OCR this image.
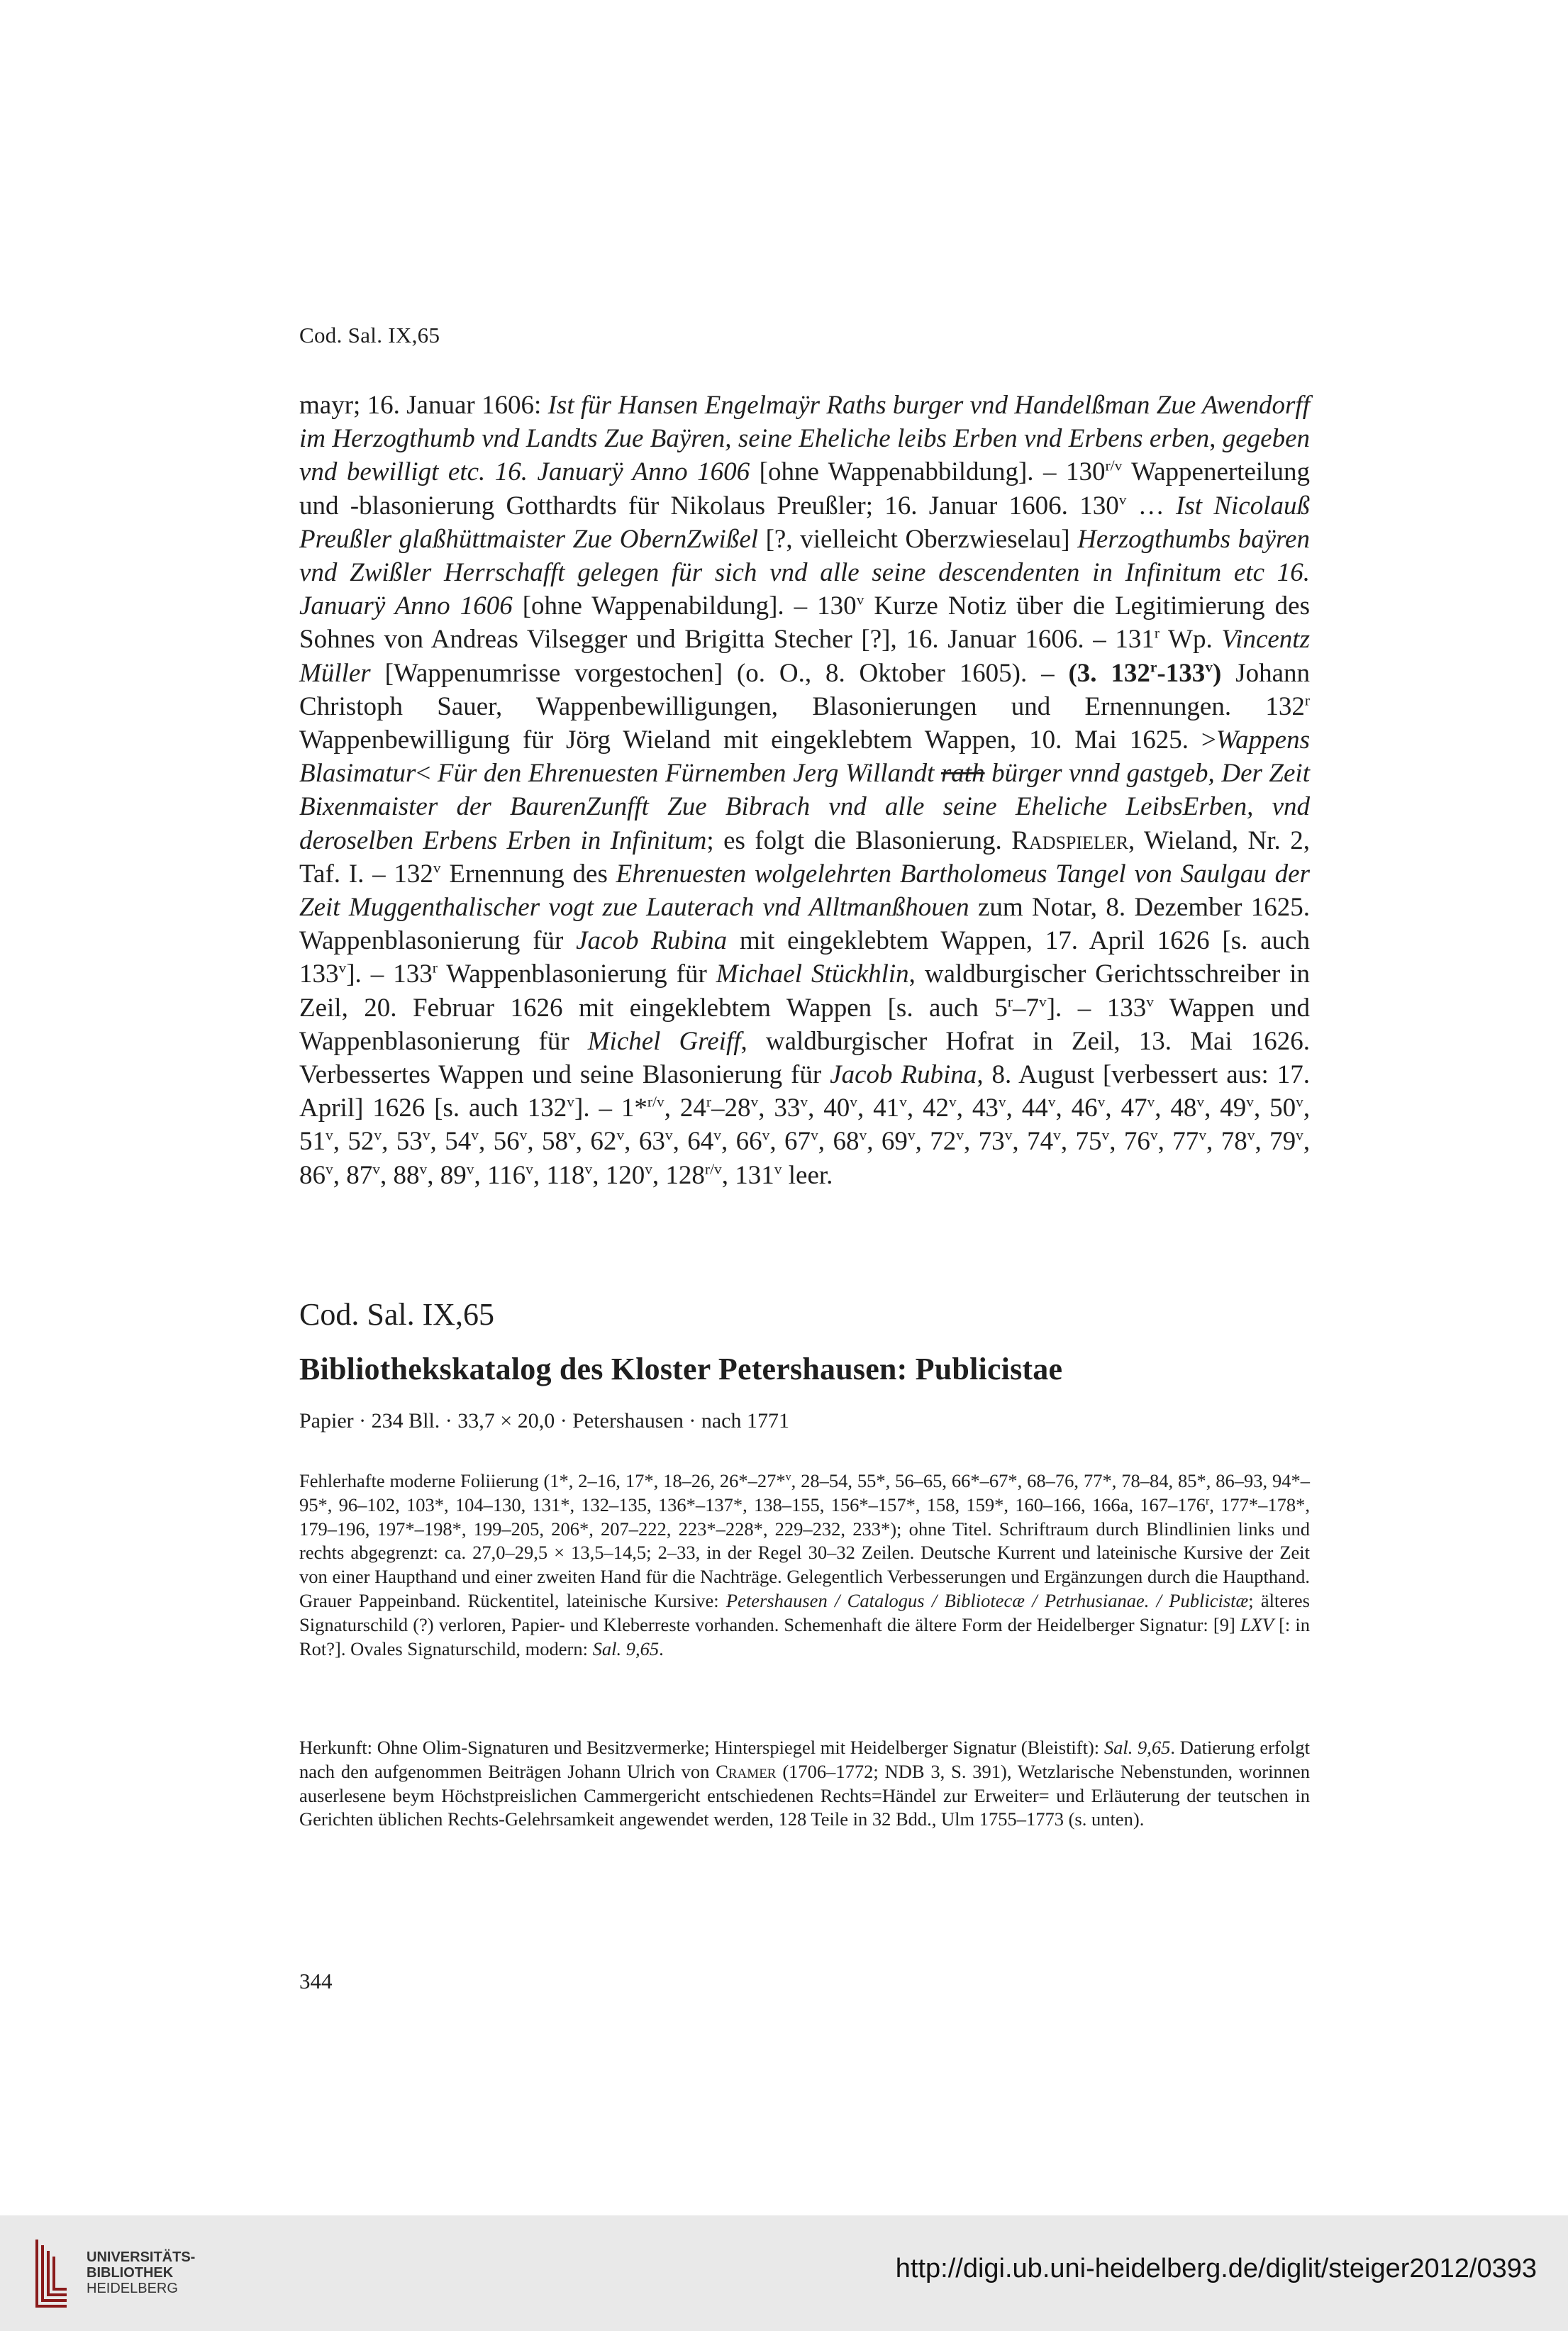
Cod. Sal. IX,65
mayr; 16. Januar 1606: Ist für Hansen Engelmaÿr Raths burger vnd Handelßman Zue Awendorff im Herzogthumb vnd Landts Zue Baÿren, seine Eheliche leibs Erben vnd Erbens erben, gegeben vnd bewilligt etc. 16. Januarÿ Anno 1606 [ohne Wappenabbildung]. – $130^{r/v}$ Wappenerteilung und -blasonierung Gotthardts für Nikolaus Preußler; 16. Januar 1606. 130$^v$ … Ist Nicolauß Preußler glaßhüttmaister Zue ObernZwißel [?, vielleicht Oberzwieselau] Herzogthumbs baÿren vnd Zwißler Herrschafft gelegen für sich vnd alle seine descendenten in Infinitum etc 16. Januarÿ Anno 1606 [ohne Wappenabildung]. – 130$^v$ Kurze Notiz über die Legitimierung des Sohnes von Andreas Vilsegger und Brigitta Stecher [?], 16. Januar 1606. – 131$^r$ Wp. Vincentz Müller [Wappenumrisse vorgestochen] (o. O., 8. Oktober 1605). – (3. 132$^r$-133$^v$) Johann Christoph Sauer, Wappenbewilligungen, Blasonierungen und Ernennungen. 132$^r$ Wappenbewilligung für Jörg Wieland mit eingeklebtem Wappen, 10. Mai 1625. >Wappens Blasimatur< Für den Ehrenuesten Fürnemben Jerg Willandt rath bürger vnnd gastgeb, Der Zeit Bixenmaister der BaurenZunfft Zue Bibrach vnd alle seine Eheliche LeibsErben, vnd deroselben Erbens Erben in Infinitum; es folgt die Blasonierung. Radspieler, Wieland, Nr. 2, Taf. I. – 132$^v$ Ernennung des Ehrenuesten wolgelehrten Bartholomeus Tangel von Saulgau der Zeit Muggenthalischer vogt zue Lauterach vnd Alltmanßhouen zum Notar, 8. Dezember 1625. Wappenblasonierung für Jacob Rubina mit eingeklebtem Wappen, 17. April 1626 [s. auch 133$^v$]. – 133$^r$ Wappenblasonierung für Michael Stückhlin, waldburgischer Gerichtsschreiber in Zeil, 20. Februar 1626 mit eingeklebtem Wappen [s. auch 5$^r$–7$^v$]. – 133$^v$ Wappen und Wappenblasonierung für Michel Greiff, waldburgischer Hofrat in Zeil, 13. Mai 1626. Verbessertes Wappen und seine Blasonierung für Jacob Rubina, 8. August [verbessert aus: 17. April] 1626 [s. auch 132$^v$]. – 1*$^{r/v}$, 24$^r$–28$^v$, 33$^v$, 40$^v$, 41$^v$, 42$^v$, 43$^v$, 44$^v$, 46$^v$, 47$^v$, 48$^v$, 49$^v$, 50$^v$, 51$^v$, 52$^v$, 53$^v$, 54$^v$, 56$^v$, 58$^v$, 62$^v$, 63$^v$, 64$^v$, 66$^v$, 67$^v$, 68$^v$, 69$^v$, 72$^v$, 73$^v$, 74$^v$, 75$^v$, 76$^v$, 77$^v$, 78$^v$, 79$^v$, 86$^v$, 87$^v$, 88$^v$, 89$^v$, 116$^v$, 118$^v$, 120$^v$, $128^{r/v}$, 131$^v$ leer.
Cod. Sal. IX,65
Bibliothekskatalog des Kloster Petershausen: Publicistae
Papier · 234 Bll. · 33,7 × 20,0 · Petershausen · nach 1771
Fehlerhafte moderne Foliierung (1*, 2–16, 17*, 18–26, 26*–27*$^v$, 28–54, 55*, 56–65, 66*–67*, 68–76, 77*, 78–84, 85*, 86–93, 94*–95*, 96–102, 103*, 104–130, 131*, 132–135, 136*–137*, 138–155, 156*–157*, 158, 159*, 160–166, 166a, 167–176$^r$, 177*–178*, 179–196, 197*–198*, 199–205, 206*, 207–222, 223*–228*, 229–232, 233*); ohne Titel. Schriftraum durch Blindlinien links und rechts abgegrenzt: ca. 27,0–29,5 × 13,5–14,5; 2–33, in der Regel 30–32 Zeilen. Deutsche Kurrent und lateinische Kursive der Zeit von einer Haupthand und einer zweiten Hand für die Nachträge. Gelegentlich Verbesserungen und Ergänzungen durch die Haupthand. Grauer Pappeinband. Rückentitel, lateinische Kursive: Petershausen / Catalogus / Bibliotecæ / Petrhusianae. / Publicistæ; älteres Signaturschild (?) verloren, Papier- und Kleberreste vorhanden. Schemenhaft die ältere Form der Heidelberger Signatur: [9] LXV [: in Rot?]. Ovales Signaturschild, modern: Sal. 9,65.
Herkunft: Ohne Olim-Signaturen und Besitzvermerke; Hinterspiegel mit Heidelberger Signatur (Bleistift): Sal. 9,65. Datierung erfolgt nach den aufgenommen Beiträgen Johann Ulrich von Cramer (1706–1772; NDB 3, S. 391), Wetzlarische Nebenstunden, worinnen auserlesene beym Höchstpreislichen Cammergericht entschiedenen Rechts=Händel zur Erweiter= und Erläuterung der teutschen in Gerichten üblichen Rechts-Gelehrsamkeit angewendet werden, 128 Teile in 32 Bdd., Ulm 1755–1773 (s. unten).
344
UNIVERSITÄTS-
BIBLIOTHEK
HEIDELBERG
http://digi.ub.uni-heidelberg.de/diglit/steiger2012/0393
